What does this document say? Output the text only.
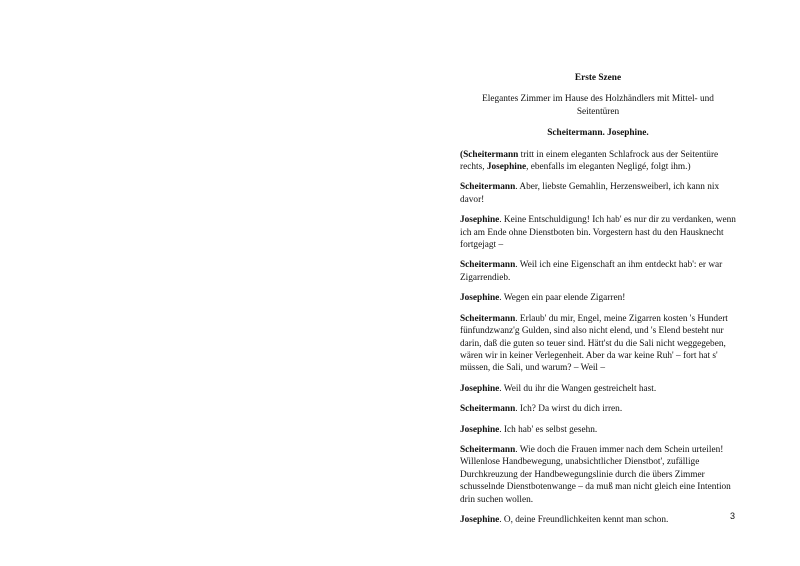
Erste Szene
Elegantes Zimmer im Hause des Holzhändlers mit Mittel- und Seitentüren
Scheitermann. Josephine.
(Scheitermann tritt in einem eleganten Schlafrock aus der Seitentüre rechts, Josephine, ebenfalls im eleganten Negligé, folgt ihm.)
Scheitermann. Aber, liebste Gemahlin, Herzensweiberl, ich kann nix davor!
Josephine. Keine Entschuldigung! Ich hab' es nur dir zu verdanken, wenn ich am Ende ohne Dienstboten bin. Vorgestern hast du den Hausknecht fortgejagt –
Scheitermann. Weil ich eine Eigenschaft an ihm entdeckt hab': er war Zigarrendieb.
Josephine. Wegen ein paar elende Zigarren!
Scheitermann. Erlaub' du mir, Engel, meine Zigarren kosten 's Hundert fünfundzwanz'g Gulden, sind also nicht elend, und 's Elend besteht nur darin, daß die guten so teuer sind. Hätt'st du die Sali nicht weggegeben, wären wir in keiner Verlegenheit. Aber da war keine Ruh' – fort hat s' müssen, die Sali, und warum? – Weil –
Josephine. Weil du ihr die Wangen gestreichelt hast.
Scheitermann. Ich? Da wirst du dich irren.
Josephine. Ich hab' es selbst gesehn.
Scheitermann. Wie doch die Frauen immer nach dem Schein urteilen! Willenlose Handbewegung, unabsichtlicher Dienstbot', zufällige Durchkreuzung der Handbewegungslinie durch die übers Zimmer schusselnde Dienstbotenwange – da muß man nicht gleich eine Intention drin suchen wollen.
Josephine. O, deine Freundlichkeiten kennt man schon.	3
